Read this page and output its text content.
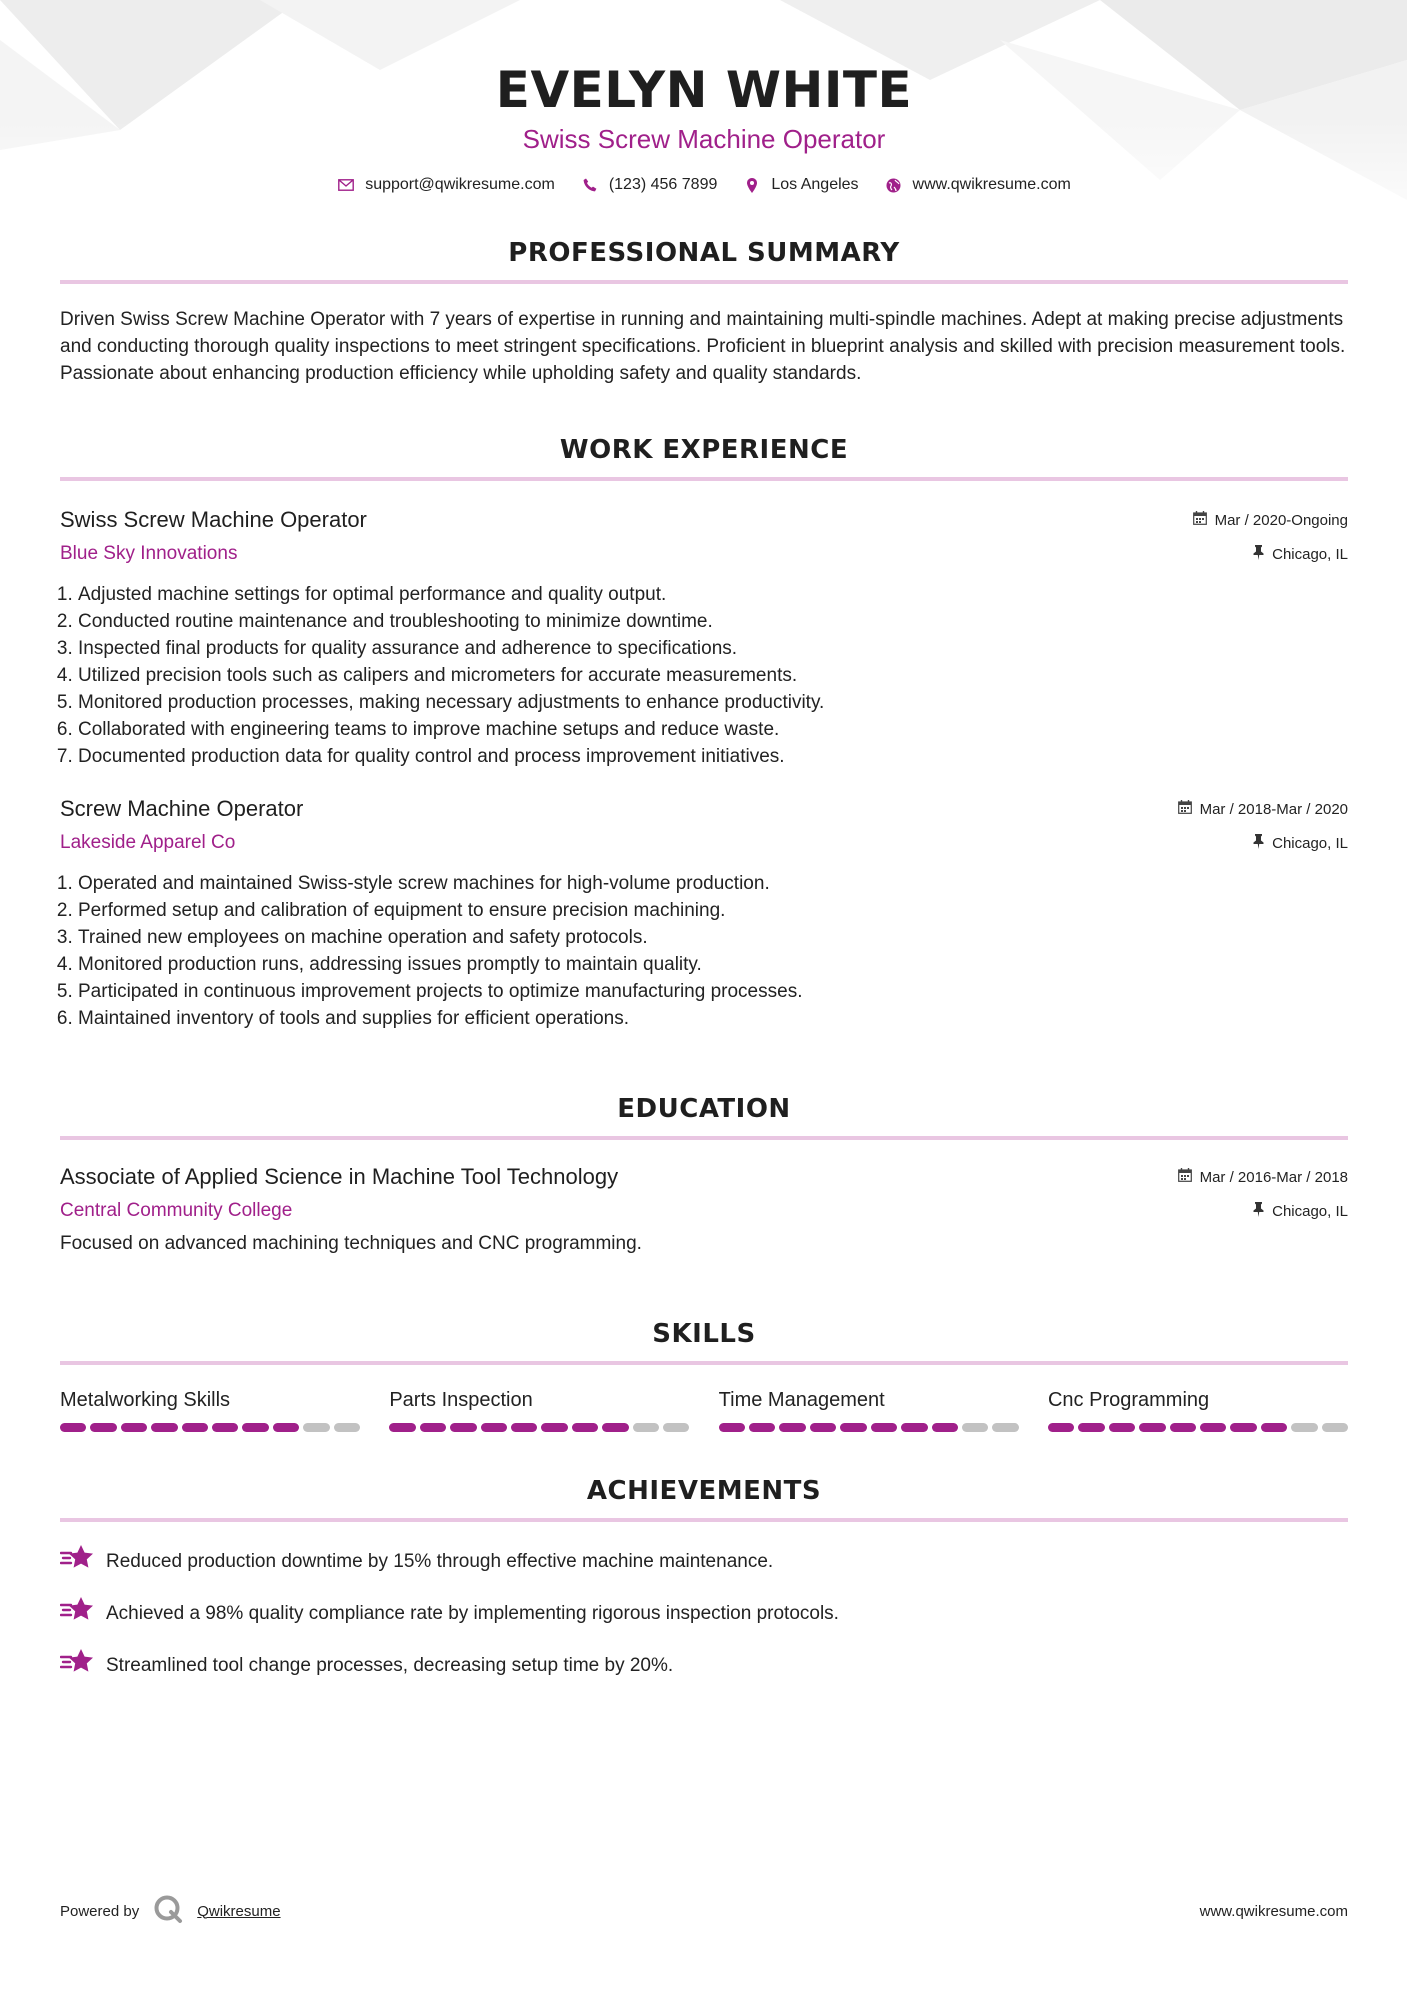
EVELYN WHITE
Swiss Screw Machine Operator
support@qwikresume.com	(123) 456 7899	Los Angeles	www.qwikresume.com
PROFESSIONAL SUMMARY
Driven Swiss Screw Machine Operator with 7 years of expertise in running and maintaining multi-spindle machines. Adept at making precise adjustments and conducting thorough quality inspections to meet stringent specifications. Proficient in blueprint analysis and skilled with precision measurement tools. Passionate about enhancing production efficiency while upholding safety and quality standards.
WORK EXPERIENCE
Swiss Screw Machine Operator
Blue Sky Innovations
Mar / 2020-Ongoing
Chicago, IL
1. Adjusted machine settings for optimal performance and quality output.
2. Conducted routine maintenance and troubleshooting to minimize downtime.
3. Inspected final products for quality assurance and adherence to specifications.
4. Utilized precision tools such as calipers and micrometers for accurate measurements.
5. Monitored production processes, making necessary adjustments to enhance productivity.
6. Collaborated with engineering teams to improve machine setups and reduce waste.
7. Documented production data for quality control and process improvement initiatives.
Screw Machine Operator
Lakeside Apparel Co
Mar / 2018-Mar / 2020
Chicago, IL
1. Operated and maintained Swiss-style screw machines for high-volume production.
2. Performed setup and calibration of equipment to ensure precision machining.
3. Trained new employees on machine operation and safety protocols.
4. Monitored production runs, addressing issues promptly to maintain quality.
5. Participated in continuous improvement projects to optimize manufacturing processes.
6. Maintained inventory of tools and supplies for efficient operations.
EDUCATION
Associate of Applied Science in Machine Tool Technology
Central Community College
Mar / 2016-Mar / 2018
Chicago, IL
Focused on advanced machining techniques and CNC programming.
SKILLS
Metalworking Skills	Parts Inspection	Time Management	Cnc Programming
ACHIEVEMENTS
Reduced production downtime by 15% through effective machine maintenance.
Achieved a 98% quality compliance rate by implementing rigorous inspection protocols.
Streamlined tool change processes, decreasing setup time by 20%.
Powered by	Qwikresume	www.qwikresume.com
